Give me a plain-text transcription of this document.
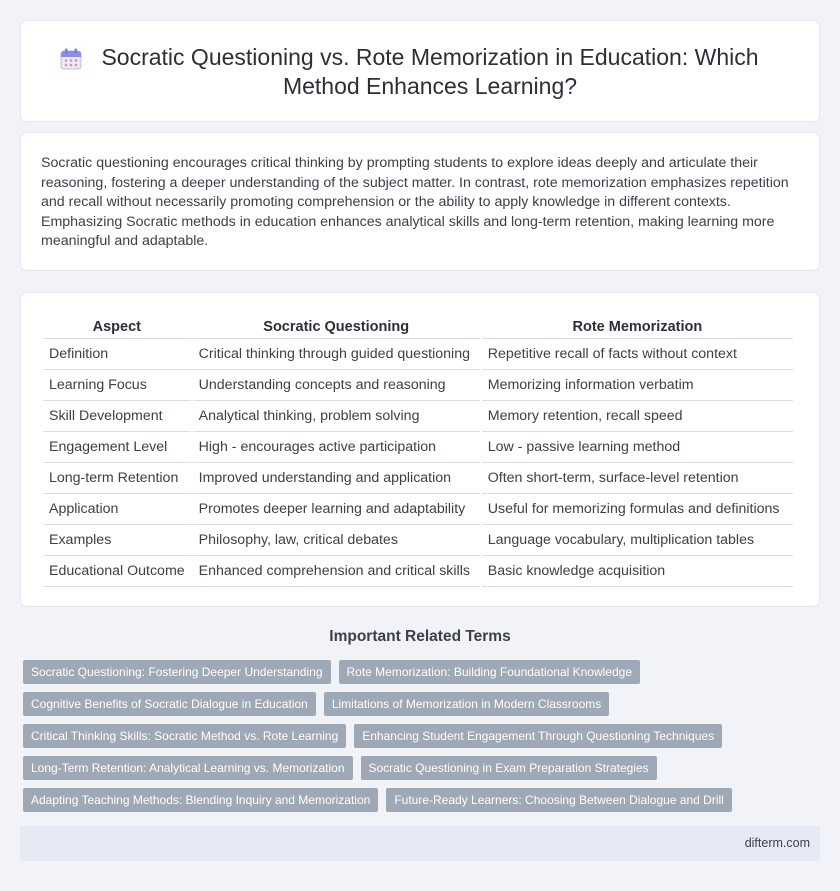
Socratic Questioning vs. Rote Memorization in Education: Which Method Enhances Learning?

Socratic questioning encourages critical thinking by prompting students to explore ideas deeply and articulate their reasoning, fostering a deeper understanding of the subject matter. In contrast, rote memorization emphasizes repetition and recall without necessarily promoting comprehension or the ability to apply knowledge in different contexts. Emphasizing Socratic methods in education enhances analytical skills and long-term retention, making learning more meaningful and adaptable.

Aspect	Socratic Questioning	Rote Memorization
Definition	Critical thinking through guided questioning	Repetitive recall of facts without context
Learning Focus	Understanding concepts and reasoning	Memorizing information verbatim
Skill Development	Analytical thinking, problem solving	Memory retention, recall speed
Engagement Level	High - encourages active participation	Low - passive learning method
Long-term Retention	Improved understanding and application	Often short-term, surface-level retention
Application	Promotes deeper learning and adaptability	Useful for memorizing formulas and definitions
Examples	Philosophy, law, critical debates	Language vocabulary, multiplication tables
Educational Outcome	Enhanced comprehension and critical skills	Basic knowledge acquisition
Important Related Terms
Socratic Questioning: Fostering Deeper Understanding	Rote Memorization: Building Foundational Knowledge
Cognitive Benefits of Socratic Dialogue in Education	Limitations of Memorization in Modern Classrooms
Critical Thinking Skills: Socratic Method vs. Rote Learning	Enhancing Student Engagement Through Questioning Techniques
Long-Term Retention: Analytical Learning vs. Memorization	Socratic Questioning in Exam Preparation Strategies
Adapting Teaching Methods: Blending Inquiry and Memorization	Future-Ready Learners: Choosing Between Dialogue and Drill
difterm.com
